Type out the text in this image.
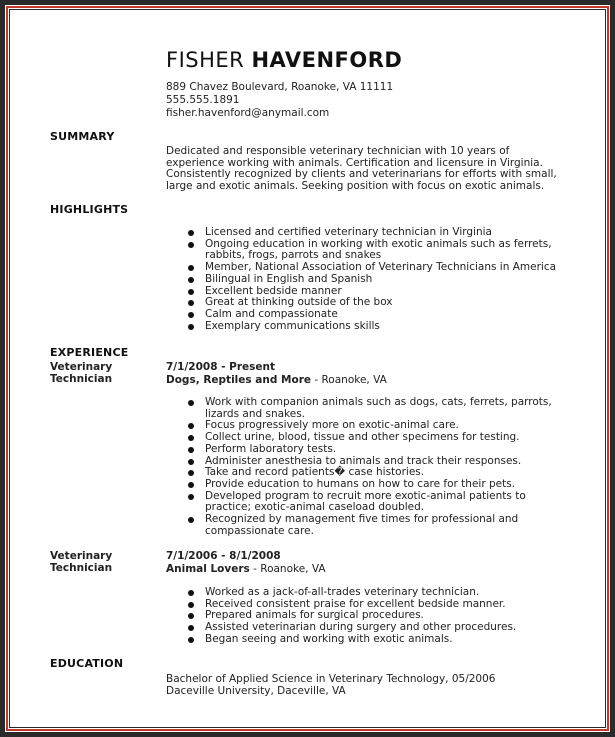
FISHER HAVENFORD
889 Chavez Boulevard, Roanoke, VA 11111
555.555.1891
fisher.havenford@anymail.com
SUMMARY
Dedicated and responsible veterinary technician with 10 years of experience working with animals. Certification and licensure in Virginia. Consistently recognized by clients and veterinarians for efforts with small, large and exotic animals. Seeking position with focus on exotic animals.
HIGHLIGHTS
Licensed and certified veterinary technician in Virginia
Ongoing education in working with exotic animals such as ferrets, rabbits, frogs, parrots and snakes
Member, National Association of Veterinary Technicians in America
Bilingual in English and Spanish
Excellent bedside manner
Great at thinking outside of the box
Calm and compassionate
Exemplary communications skills
EXPERIENCE
Veterinary
Technician
7/1/2008 - Present
Dogs, Reptiles and More - Roanoke, VA
Work with companion animals such as dogs, cats, ferrets, parrots, lizards and snakes.
Focus progressively more on exotic-animal care.
Collect urine, blood, tissue and other specimens for testing.
Perform laboratory tests.
Administer anesthesia to animals and track their responses.
Take and record patients� case histories.
Provide education to humans on how to care for their pets.
Developed program to recruit more exotic-animal patients to practice; exotic-animal caseload doubled.
Recognized by management five times for professional and compassionate care.
Veterinary
Technician
7/1/2006 - 8/1/2008
Animal Lovers - Roanoke, VA
Worked as a jack-of-all-trades veterinary technician.
Received consistent praise for excellent bedside manner.
Prepared animals for surgical procedures.
Assisted veterinarian during surgery and other procedures.
Began seeing and working with exotic animals.
EDUCATION
Bachelor of Applied Science in Veterinary Technology, 05/2006
Daceville University, Daceville, VA
